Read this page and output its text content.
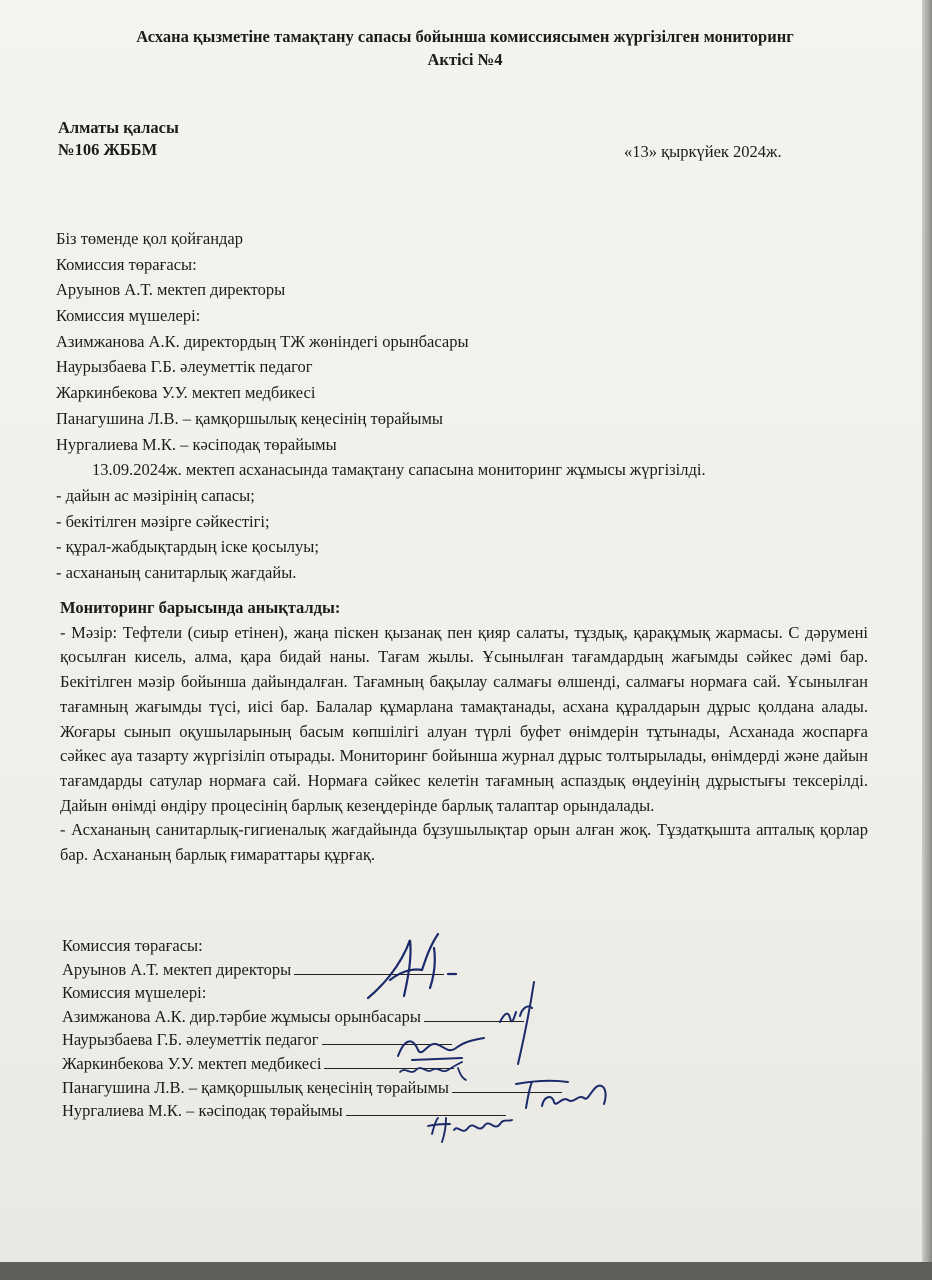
Асхана қызметіне тамақтану сапасы бойынша комиссиясымен жүргізілген мониторинг
Актісі №4
Алматы қаласы
№106 ЖББМ	«13» қыркүйек 2024ж.
Біз төменде қол қойғандар
Комиссия төрағасы:
Аруынов А.Т. мектеп директоры
Комиссия мүшелері:
Азимжанова А.К. директордың ТЖ жөніндегі орынбасары
Наурызбаева Г.Б. әлеуметтік педагог
Жаркинбекова У.У. мектеп медбикесі
Панагушина Л.В. – қамқоршылық кеңесінің төрайымы
Нургалиева М.К. – кәсіподақ төрайымы
13.09.2024ж. мектеп асханасында тамақтану сапасына мониторинг жұмысы жүргізілді.
- дайын ас мәзірінің сапасы;
- бекітілген мәзірге сәйкестігі;
- құрал-жабдықтардың іске қосылуы;
- асхананың санитарлық жағдайы.

Мониторинг барысында анықталды:

- Мәзір: Тефтели (сиыр етінен), жаңа піскен қызанақ пен қияр салаты, тұздық, қарақұмық жармасы. С дәрумені қосылған кисель, алма, қара бидай наны. Тағам жылы. Ұсынылған тағамдардың жағымды сәйкес дәмі бар. Бекітілген мәзір бойынша дайындалған. Тағамның бақылау салмағы өлшенді, салмағы нормаға сай. Ұсынылған тағамның жағымды түсі, иісі бар. Балалар құмарлана тамақтанады, асхана құралдарын дұрыс қолдана алады. Жоғары сынып оқушыларының басым көпшілігі алуан түрлі буфет өнімдерін тұтынады, Асханада жоспарға сәйкес ауа тазарту жүргізіліп отырады. Мониторинг бойынша журнал дұрыс толтырылады, өнімдерді және дайын тағамдарды сатулар нормаға сай. Нормаға сәйкес келетін тағамның аспаздық өңдеуінің дұрыстығы тексерілді. Дайын өнімді өндіру процесінің барлық кезеңдерінде барлық талаптар орындалады.

- Асхананың санитарлық-гигиеналық жағдайында бұзушылықтар орын алған жоқ. Тұздатқышта апталық қорлар бар. Асхананың барлық ғимараттары құрғақ.

Комиссия төрағасы:
Аруынов А.Т. мектеп директоры
Комиссия мүшелері:
Азимжанова А.К. дир.тәрбие жұмысы орынбасары
Наурызбаева Г.Б. әлеуметтік педагог
Жаркинбекова У.У. мектеп медбикесі
Панагушина Л.В. – қамқоршылық кеңесінің төрайымы
Нургалиева М.К. – кәсіподақ төрайымы
